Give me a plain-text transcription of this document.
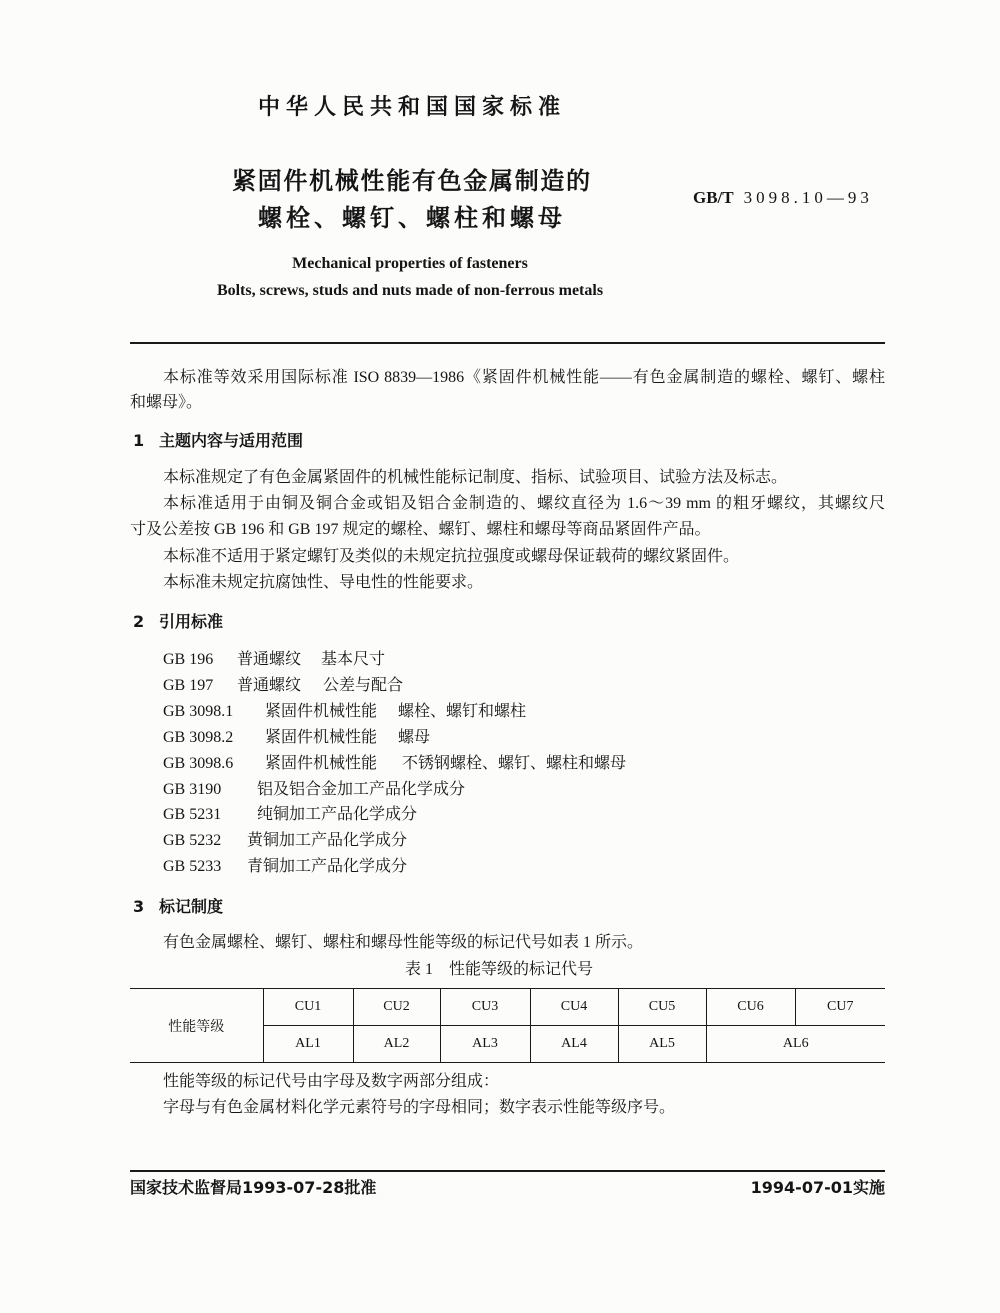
中华人民共和国国家标准
紧固件机械性能有色金属制造的
螺栓、螺钉、螺柱和螺母
GB/T 3098.10—93
Mechanical properties of fasteners
Bolts, screws, studs and nuts made of non-ferrous metals
本标准等效采用国际标准 ISO 8839—1986《紧固件机械性能——有色金属制造的螺栓、螺钉、螺柱
和螺母》。
1 主题内容与适用范围
本标准规定了有色金属紧固件的机械性能标记制度、指标、试验项目、试验方法及标志。
本标准适用于由铜及铜合金或铝及铝合金制造的、螺纹直径为 1.6～39 mm 的粗牙螺纹，其螺纹尺
寸及公差按 GB 196 和 GB 197 规定的螺栓、螺钉、螺柱和螺母等商品紧固件产品。
本标准不适用于紧定螺钉及类似的未规定抗拉强度或螺母保证载荷的螺纹紧固件。
本标准未规定抗腐蚀性、导电性的性能要求。
2 引用标准
GB 196 普通螺纹 基本尺寸
GB 197 普通螺纹 公差与配合
GB 3098.1 紧固件机械性能 螺栓、螺钉和螺柱
GB 3098.2 紧固件机械性能 螺母
GB 3098.6 紧固件机械性能 不锈钢螺栓、螺钉、螺柱和螺母
GB 3190 铝及铝合金加工产品化学成分
GB 5231 纯铜加工产品化学成分
GB 5232 黄铜加工产品化学成分
GB 5233 青铜加工产品化学成分
3 标记制度
有色金属螺栓、螺钉、螺柱和螺母性能等级的标记代号如表 1 所示。
表 1　性能等级的标记代号
性能等级	CU1	CU2	CU3	CU4	CU5	CU6	CU7
	AL1	AL2	AL3	AL4	AL5	AL6	
性能等级的标记代号由字母及数字两部分组成：
字母与有色金属材料化学元素符号的字母相同；数字表示性能等级序号。
国家技术监督局1993-07-28批准	1994-07-01实施
